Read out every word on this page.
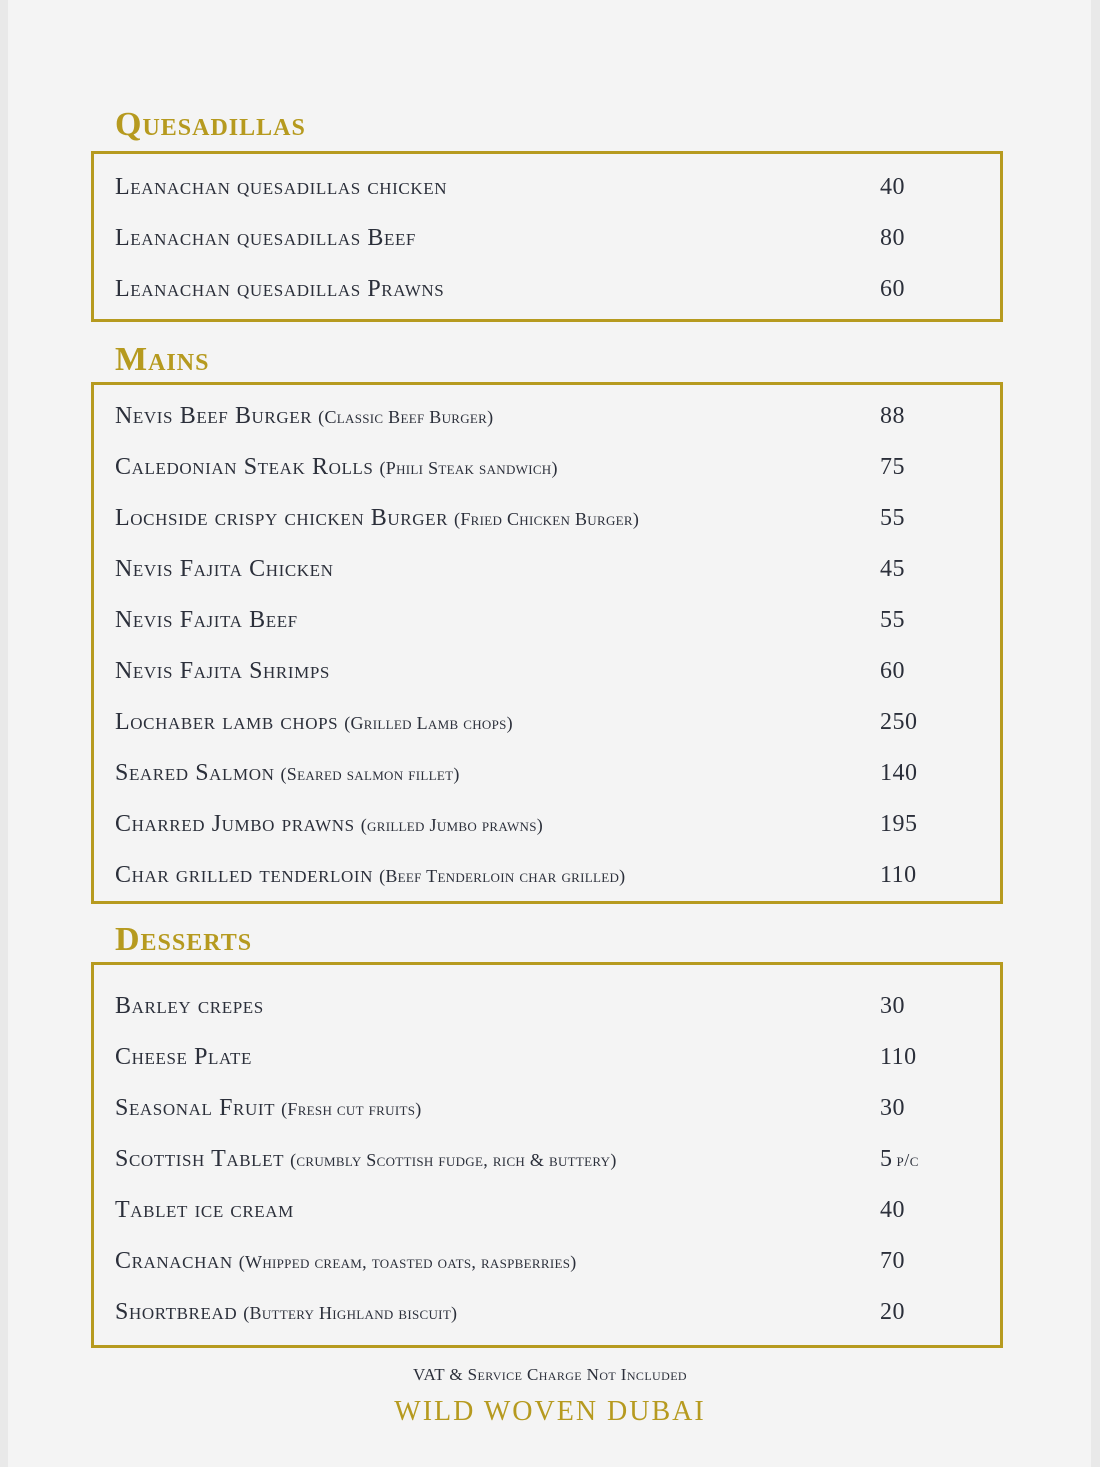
Quesadillas
Leanachan quesadillas chicken	40
Leanachan quesadillas Beef	80
Leanachan quesadillas Prawns	60
Mains
Nevis Beef Burger (Classic Beef Burger)	88
Caledonian Steak Rolls (Phili Steak sandwich)	75
Lochside crispy chicken Burger (Fried Chicken Burger)	55
Nevis Fajita Chicken	45
Nevis Fajita Beef	55
Nevis Fajita Shrimps	60
Lochaber lamb chops (Grilled Lamb chops)	250
Seared Salmon (Seared salmon fillet)	140
Charred Jumbo prawns (grilled Jumbo prawns)	195
Char grilled tenderloin (Beef Tenderloin char grilled)	110
Desserts
Barley crepes	30
Cheese Plate	110
Seasonal Fruit (Fresh cut fruits)	30
Scottish Tablet (crumbly Scottish fudge, rich & buttery)	5 p/c
Tablet ice cream	40
Cranachan (Whipped cream, toasted oats, raspberries)	70
Shortbread (Buttery Highland biscuit)	20
VAT & Service Charge Not Included
WILD WOVEN DUBAI
